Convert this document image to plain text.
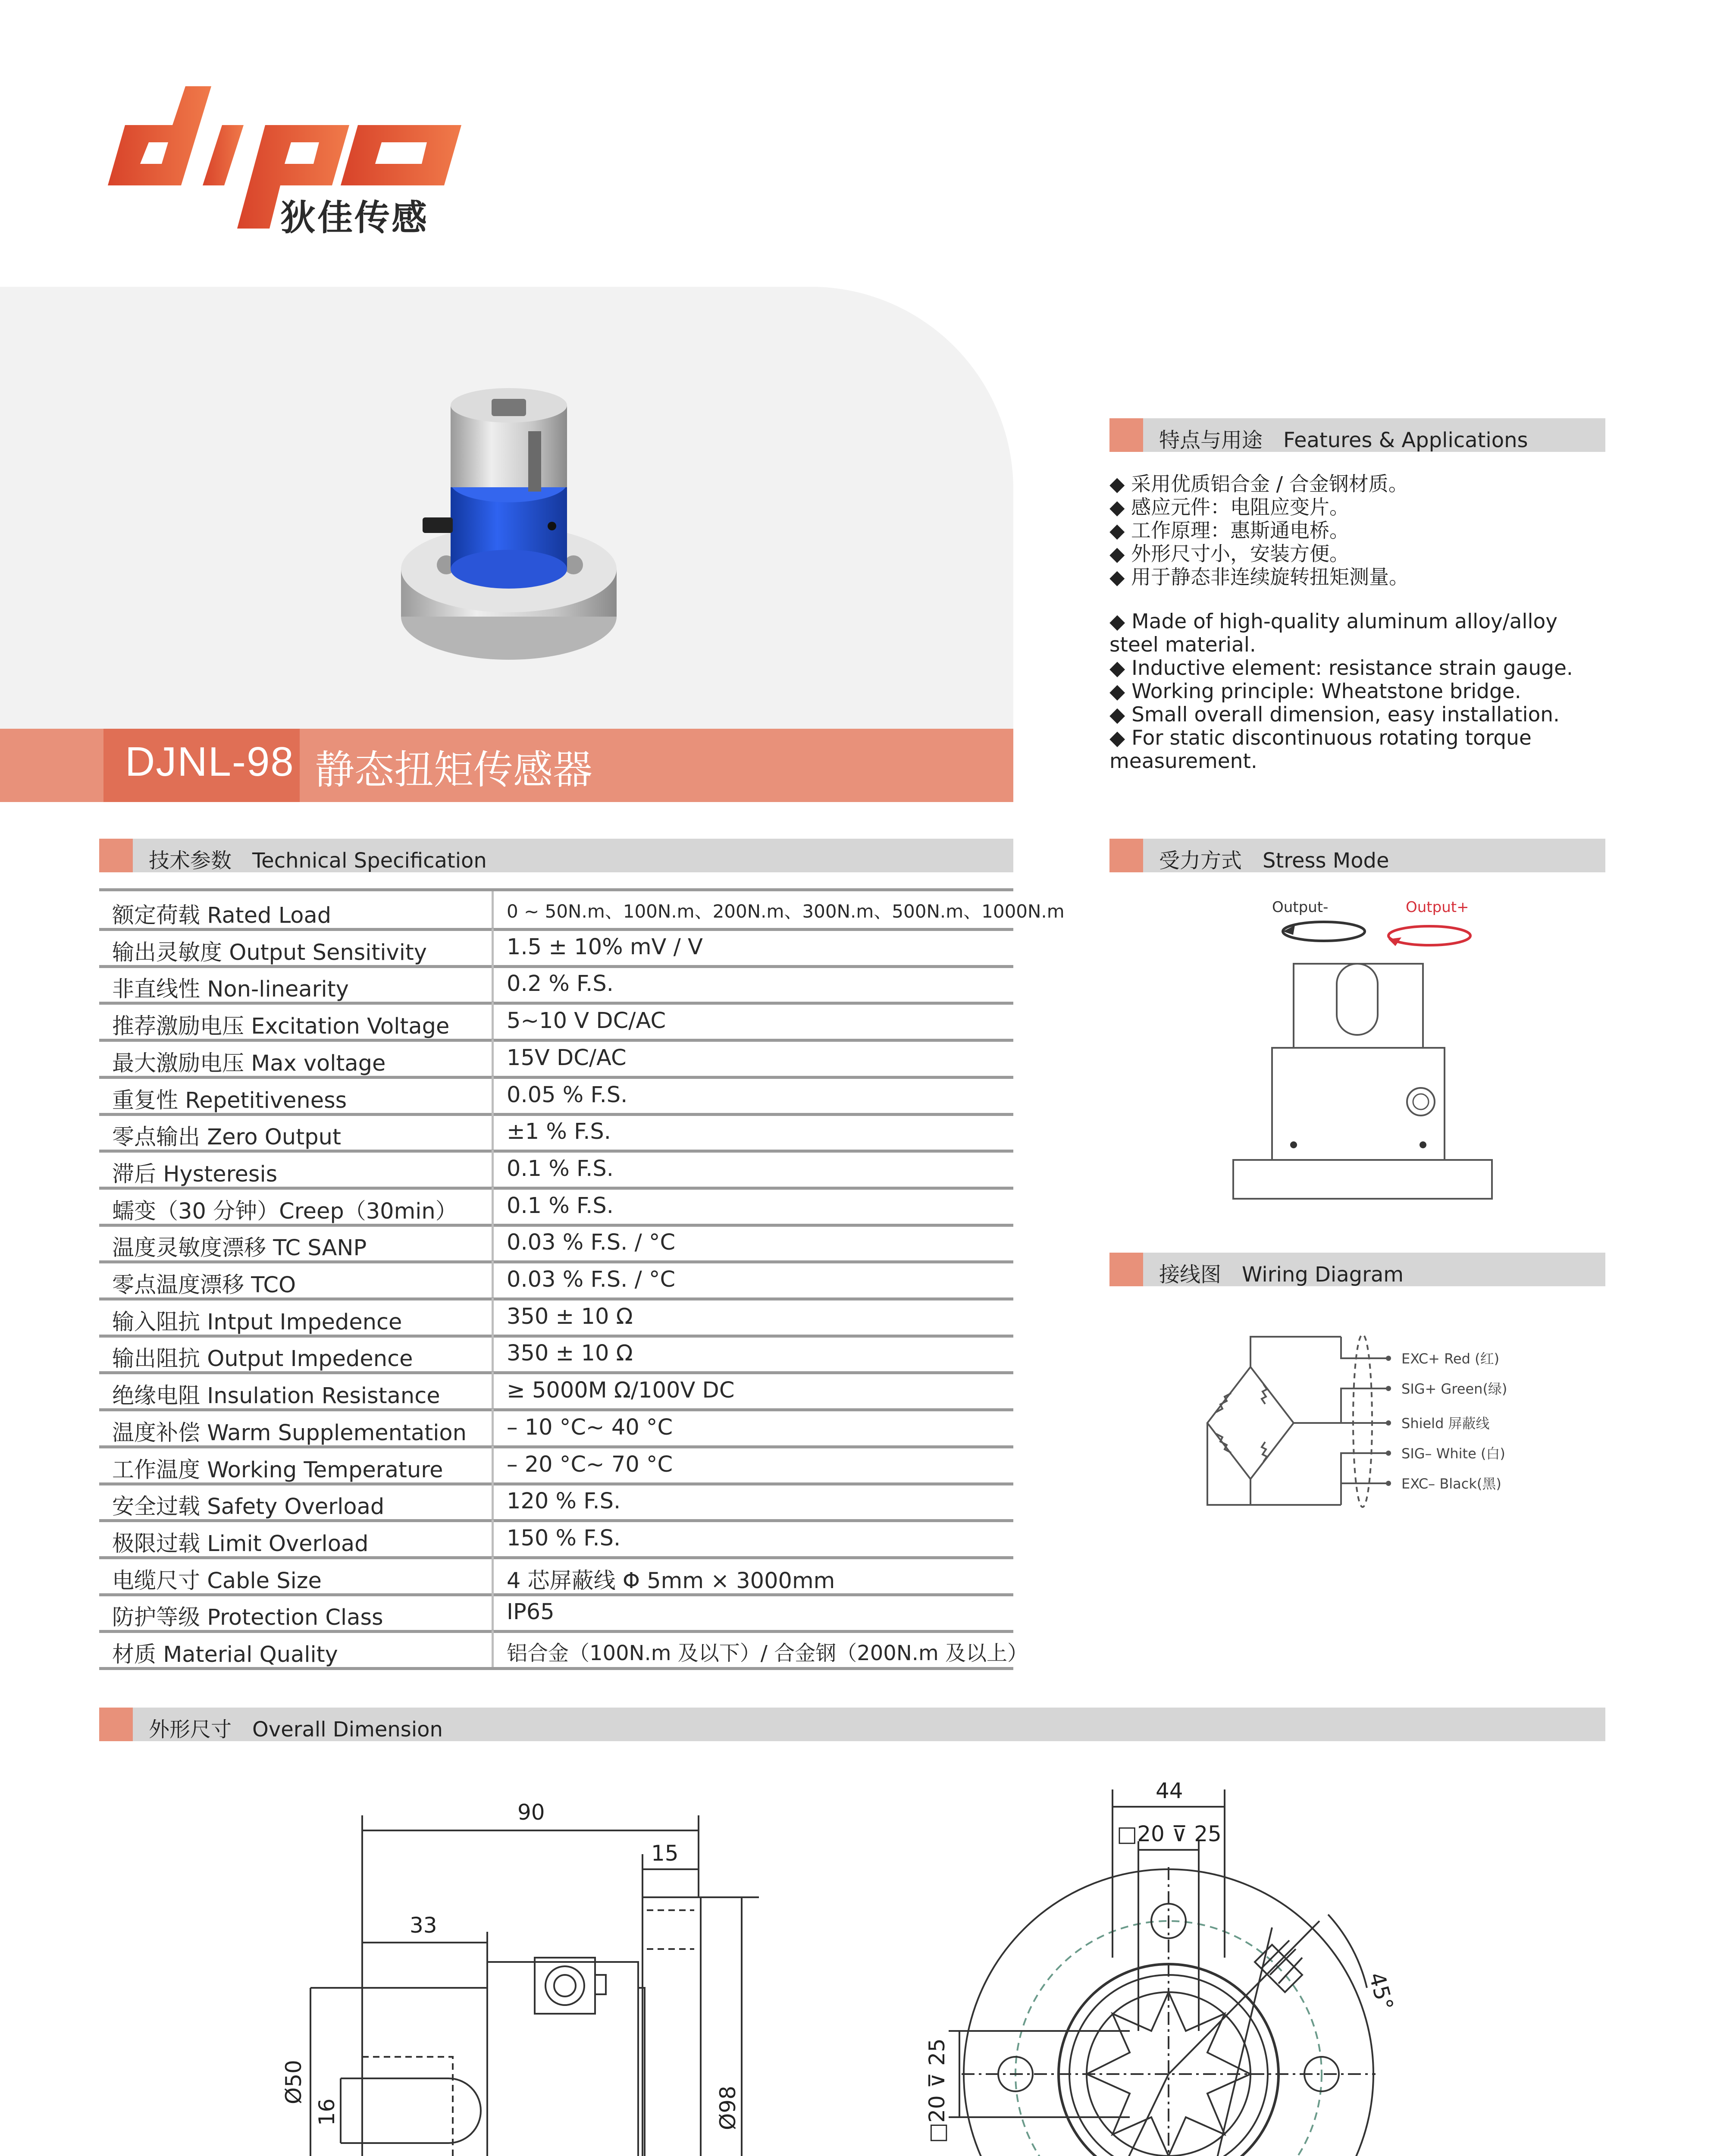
狄佳传感
DJNL-98 静态扭矩传感器
特点与用途　Features & Applications
◆ 采用优质铝合金 / 合金钢材质。
◆ 感应元件：电阻应变片。
◆ 工作原理：惠斯通电桥。
◆ 外形尺寸小，安装方便。
◆ 用于静态非连续旋转扭矩测量。
◆ Made of high-quality aluminum alloy/alloy steel material.
◆ Inductive element: resistance strain gauge.
◆ Working principle: Wheatstone bridge.
◆ Small overall dimension, easy installation.
◆ For static discontinuous rotating torque measurement.
技术参数　Technical Specification
额定荷载 Rated Load	0 ~ 50N.m、100N.m、200N.m、300N.m、500N.m、1000N.m
输出灵敏度 Output Sensitivity	1.5 ± 10% mV / V
非直线性 Non-linearity	0.2 % F.S.
推荐激励电压 Excitation Voltage	5~10 V DC/AC
最大激励电压 Max voltage	15V DC/AC
重复性 Repetitiveness	0.05 % F.S.
零点输出 Zero Output	±1 % F.S.
滞后 Hysteresis	0.1 % F.S.
蠕变（30 分钟）Creep（30min） 0.1 % F.S.
温度灵敏度漂移 TC SANP	0.03 % F.S. / °C
零点温度漂移 TCO	0.03 % F.S. / °C
输入阻抗 Intput Impedence	350 ± 10 Ω
输出阻抗 Output Impedence	350 ± 10 Ω
绝缘电阻 Insulation Resistance	≥ 5000M Ω/100V DC
温度补偿 Warm Supplementation – 10 °C~ 40 °C
工作温度 Working Temperature	– 20 °C~ 70 °C
安全过载 Safety Overload	120 % F.S.
极限过载 Limit Overload	150 % F.S.
电缆尺寸 Cable Size	4 芯屏蔽线 Φ 5mm × 3000mm
防护等级 Protection Class	IP65
材质 Material Quality	铝合金（100N.m 及以下）/ 合金钢（200N.m 及以上）
受力方式　Stress Mode
Output-	Output+
接线图　Wiring Diagram
EXC+ Red (红)
SIG+ Green(绿)
Shield 屏蔽线
SIG– White (白)
EXC– Black(黑)
外形尺寸　Overall Dimension
90
15
33
Ø50
16	Ø98
44
□20 ⊽ 25
□20 ⊽ 25
45°
